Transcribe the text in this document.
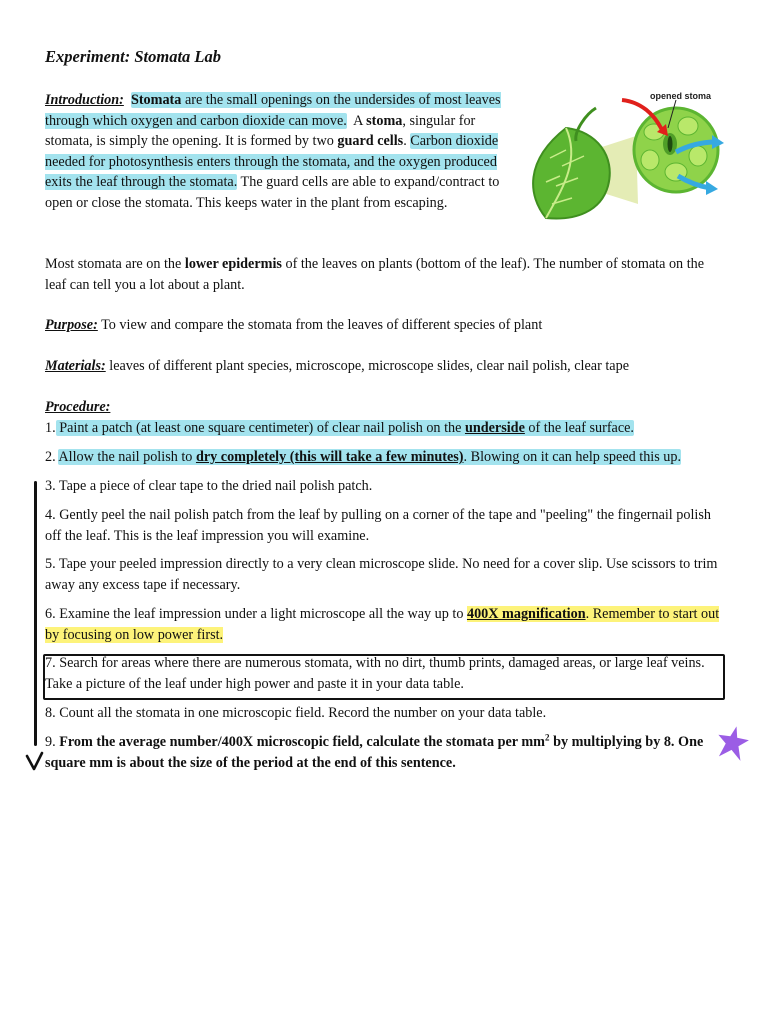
Experiment: Stomata Lab

Introduction: Stomata are the small openings on the undersides of most leaves through which oxygen and carbon dioxide can move. A stoma, singular for stomata, is simply the opening. It is formed by two guard cells. Carbon dioxide needed for photosynthesis enters through the stomata, and the oxygen produced exits the leaf through the stomata. The guard cells are able to expand/contract to open or close the stomata. This keeps water in the plant from escaping.

opened stoma

Most stomata are on the lower epidermis of the leaves on plants (bottom of the leaf). The number of stomata on the leaf can tell you a lot about a plant.

Purpose: To view and compare the stomata from the leaves of different species of plant

Materials: leaves of different plant species, microscope, microscope slides, clear nail polish, clear tape

Procedure:

1. Paint a patch (at least one square centimeter) of clear nail polish on the underside of the leaf surface.

2. Allow the nail polish to dry completely (this will take a few minutes). Blowing on it can help speed this up.

3. Tape a piece of clear tape to the dried nail polish patch.

4. Gently peel the nail polish patch from the leaf by pulling on a corner of the tape and "peeling" the fingernail polish off the leaf. This is the leaf impression you will examine.

5. Tape your peeled impression directly to a very clean microscope slide. No need for a cover slip. Use scissors to trim away any excess tape if necessary.

6. Examine the leaf impression under a light microscope all the way up to 400X magnification. Remember to start out by focusing on low power first.

7. Search for areas where there are numerous stomata, with no dirt, thumb prints, damaged areas, or large leaf veins. Take a picture of the leaf under high power and paste it in your data table.

8. Count all the stomata in one microscopic field. Record the number on your data table.

9. From the average number/400X microscopic field, calculate the stomata per $mm^2$ by multiplying by 8. One square mm is about the size of the period at the end of this sentence.
